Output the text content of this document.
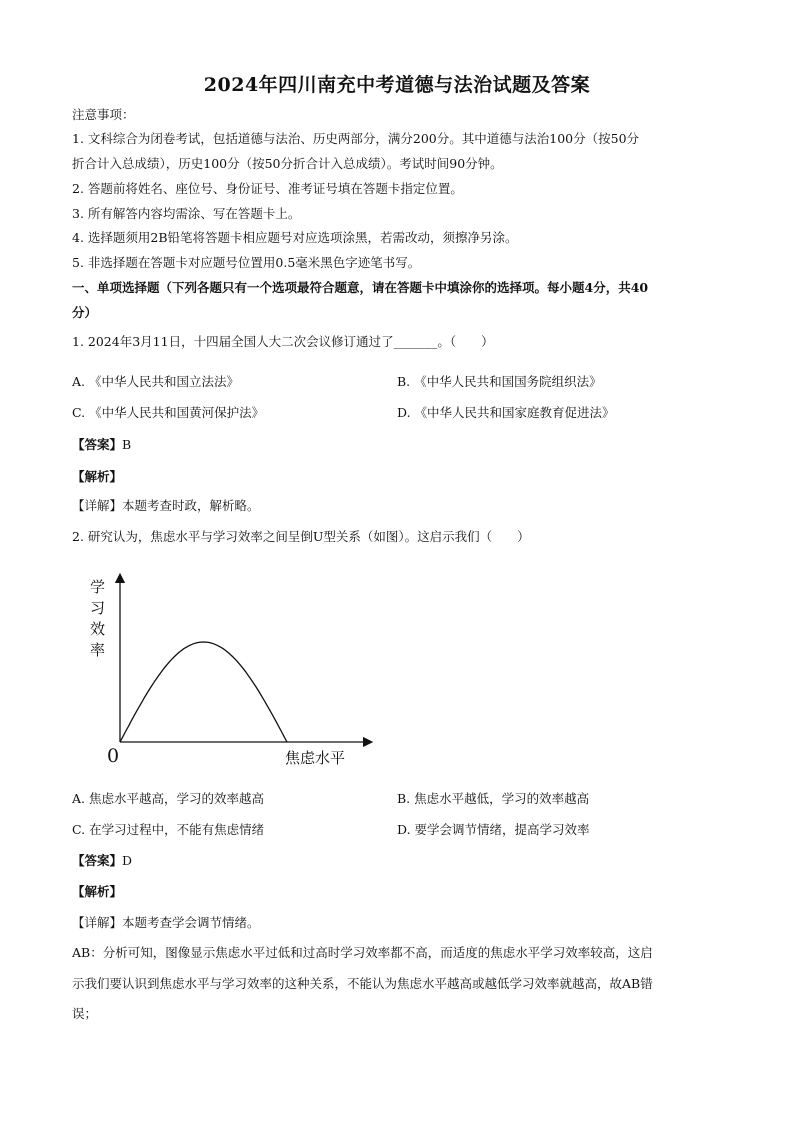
2024年四川南充中考道德与法治试题及答案
注意事项：
1. 文科综合为闭卷考试，包括道德与法治、历史两部分，满分200分。其中道德与法治100分（按50分
折合计入总成绩），历史100分（按50分折合计入总成绩）。考试时间90分钟。
2. 答题前将姓名、座位号、身份证号、准考证号填在答题卡指定位置。
3. 所有解答内容均需涂、写在答题卡上。
4. 选择题须用2B铅笔将答题卡相应题号对应选项涂黑，若需改动，须擦净另涂。
5. 非选择题在答题卡对应题号位置用0.5毫米黑色字迹笔书写。
一、单项选择题（下列各题只有一个选项最符合题意，请在答题卡中填涂你的选择项。每小题4分，共40
分）
1. 2024年3月11日，十四届全国人大二次会议修订通过了_______。（　　）
A. 《中华人民共和国立法法》	B. 《中华人民共和国国务院组织法》
C. 《中华人民共和国黄河保护法》	D. 《中华人民共和国家庭教育促进法》
【答案】B
【解析】
【详解】本题考查时政，解析略。
2. 研究认为，焦虑水平与学习效率之间呈倒U型关系（如图）。这启示我们（　　）
学
习
效
率
焦虑水平
0
A. 焦虑水平越高，学习的效率越高	B. 焦虑水平越低，学习的效率越高
C. 在学习过程中，不能有焦虑情绪	D. 要学会调节情绪，提高学习效率
【答案】D
【解析】
【详解】本题考查学会调节情绪。
AB：分析可知，图像显示焦虑水平过低和过高时学习效率都不高，而适度的焦虑水平学习效率较高，这启
示我们要认识到焦虑水平与学习效率的这种关系，不能认为焦虑水平越高或越低学习效率就越高，故AB错
误；
